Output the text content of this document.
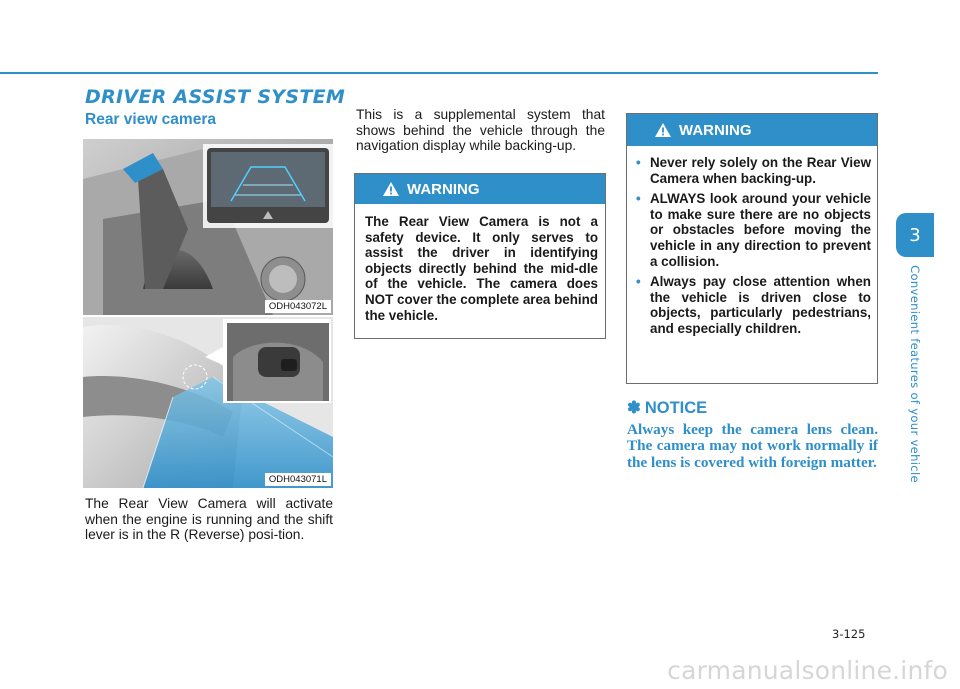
DRIVER ASSIST SYSTEM
Rear view camera
ODH043072L
ODH043071L
The Rear View Camera will activate when the engine is running and the shift lever is in the R (Reverse) posi-tion.
This is a supplemental system that shows behind the vehicle through the navigation display while backing-up.
WARNING
The Rear View Camera is not a safety device. It only serves to assist the driver in identifying objects directly behind the mid-dle of the vehicle. The camera does NOT cover the complete area behind the vehicle.
WARNING
• Never rely solely on the Rear View Camera when backing-up.
• ALWAYS look around your vehicle to make sure there are no objects or obstacles before moving the vehicle in any direction to prevent a collision.
• Always pay close attention when the vehicle is driven close to objects, particularly pedestrians, and especially children.
✽ NOTICE
Always keep the camera lens clean. The camera may not work normally if the lens is covered with foreign matter.
3
Convenient features of your vehicle
3-125
carmanualsonline.info
